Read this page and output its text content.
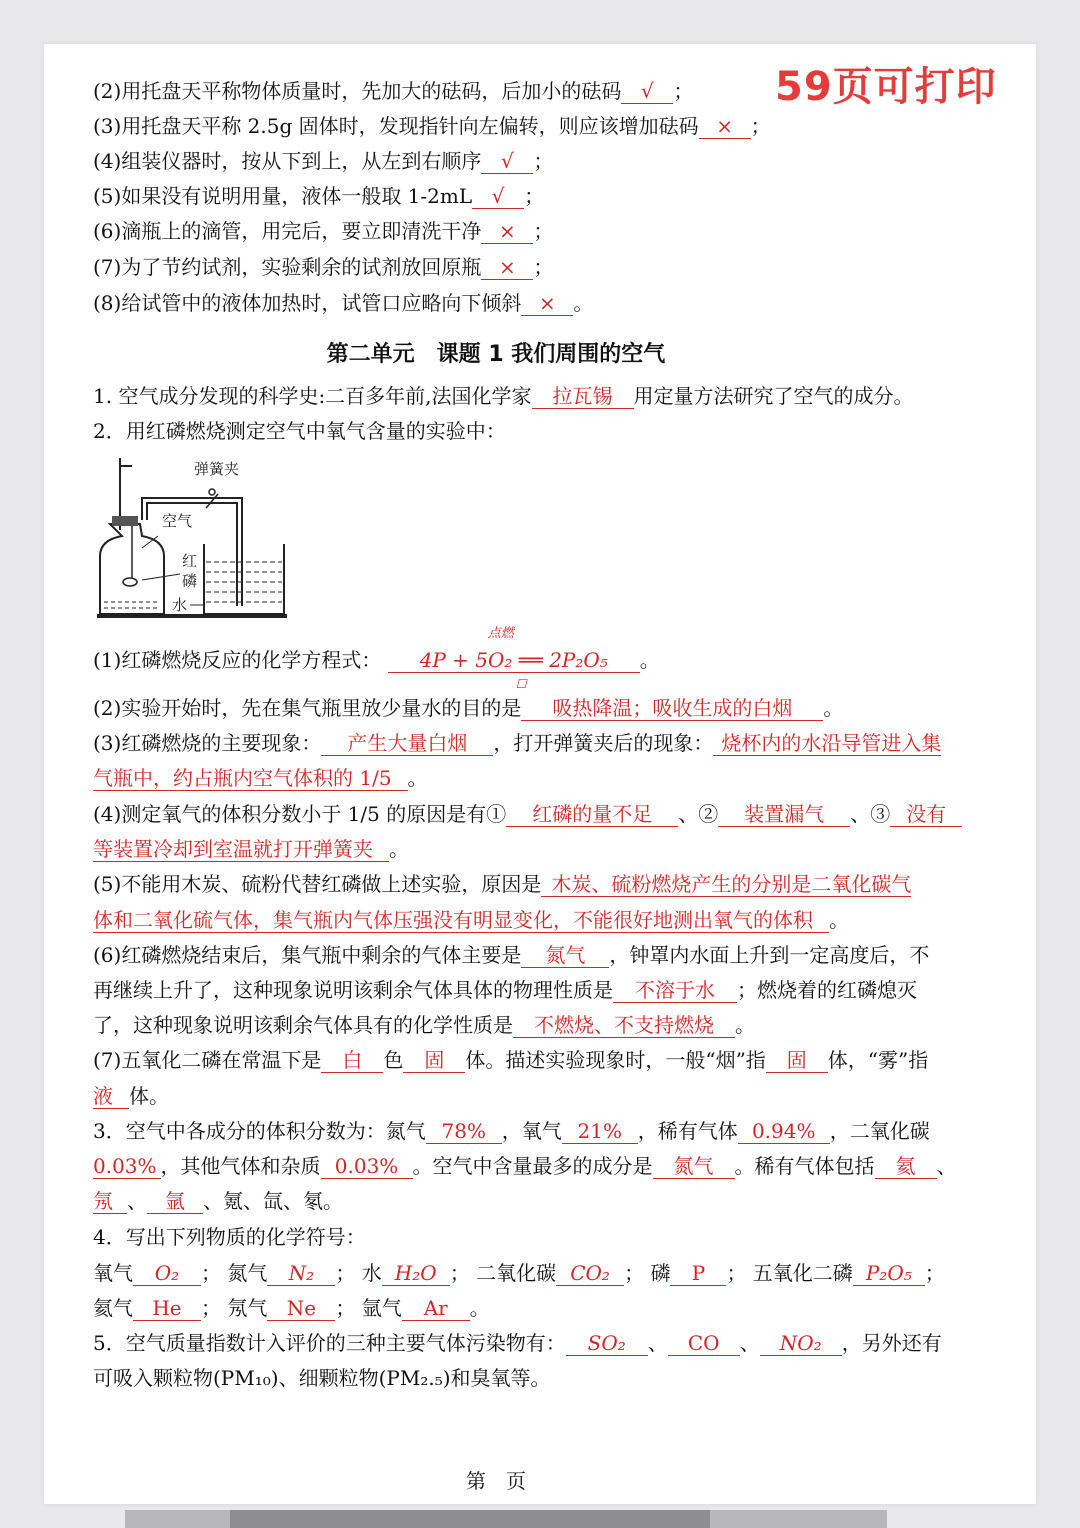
59页可打印
(2)用托盘天平称物体质量时，先加大的砝码，后加小的砝码 √ ；
(3)用托盘天平称 2.5g 固体时，发现指针向左偏转，则应该增加砝码 × ；
(4)组装仪器时，按从下到上，从左到右顺序 √ ；
(5)如果没有说明用量，液体一般取 1-2mL √ ；
(6)滴瓶上的滴管，用完后，要立即清洗干净 × ；
(7)为了节约试剂，实验剩余的试剂放回原瓶 × ；
(8)给试管中的液体加热时，试管口应略向下倾斜 × 。
第二单元　课题 1 我们周围的空气
1. 空气成分发现的科学史:二百多年前,法国化学家 拉瓦锡 用定量方法研究了空气的成分。
2．用红磷燃烧测定空气中氧气含量的实验中：
弹簧夹
空气
红
磷
水
(1)红磷燃烧反应的化学方程式：
点燃
4P + 5O₂ ══ 2P₂O₅
☐
。
(2)实验开始时，先在集气瓶里放少量水的目的是 吸热降温；吸收生成的白烟 。
(3)红磷燃烧的主要现象： 产生大量白烟 ，打开弹簧夹后的现象： 烧杯内的水沿导管进入集
气瓶中，约占瓶内空气体积的 1/5 。
(4)测定氧气的体积分数小于 1/5 的原因是有① 红磷的量不足 、② 装置漏气 、③ 没有
等装置冷却到室温就打开弹簧夹 。
(5)不能用木炭、硫粉代替红磷做上述实验，原因是 木炭、硫粉燃烧产生的分别是二氧化碳气
体和二氧化硫气体，集气瓶内气体压强没有明显变化，不能很好地测出氧气的体积 。
(6)红磷燃烧结束后，集气瓶中剩余的气体主要是 氮气 ，钟罩内水面上升到一定高度后，不
再继续上升了，这种现象说明该剩余气体具体的物理性质是 不溶于水 ；燃烧着的红磷熄灭
了，这种现象说明该剩余气体具有的化学性质是 不燃烧、不支持燃烧 。
(7)五氧化二磷在常温下是 白 色 固 体。描述实验现象时，一般“烟”指 固 体，“雾”指
液 体。
3．空气中各成分的体积分数为：氮气 78% ，氧气 21% ，稀有气体 0.94% ，二氧化碳
0.03% ，其他气体和杂质 0.03% 。空气中含量最多的成分是 氮气 。稀有气体包括 氦 、
氖 、 氩 、氪、氙、氡。
4．写出下列物质的化学符号：
氧气 O₂ ； 氮气 N₂ ； 水 H₂O ； 二氧化碳 CO₂ ； 磷 P ； 五氧化二磷 P₂O₅ ；
氦气 He ； 氖气 Ne ； 氩气 Ar 。
5．空气质量指数计入评价的三种主要气体污染物有： SO₂ 、 CO 、 NO₂ ，另外还有
可吸入颗粒物(PM₁₀)、细颗粒物(PM₂.₅)和臭氧等。
第　页
